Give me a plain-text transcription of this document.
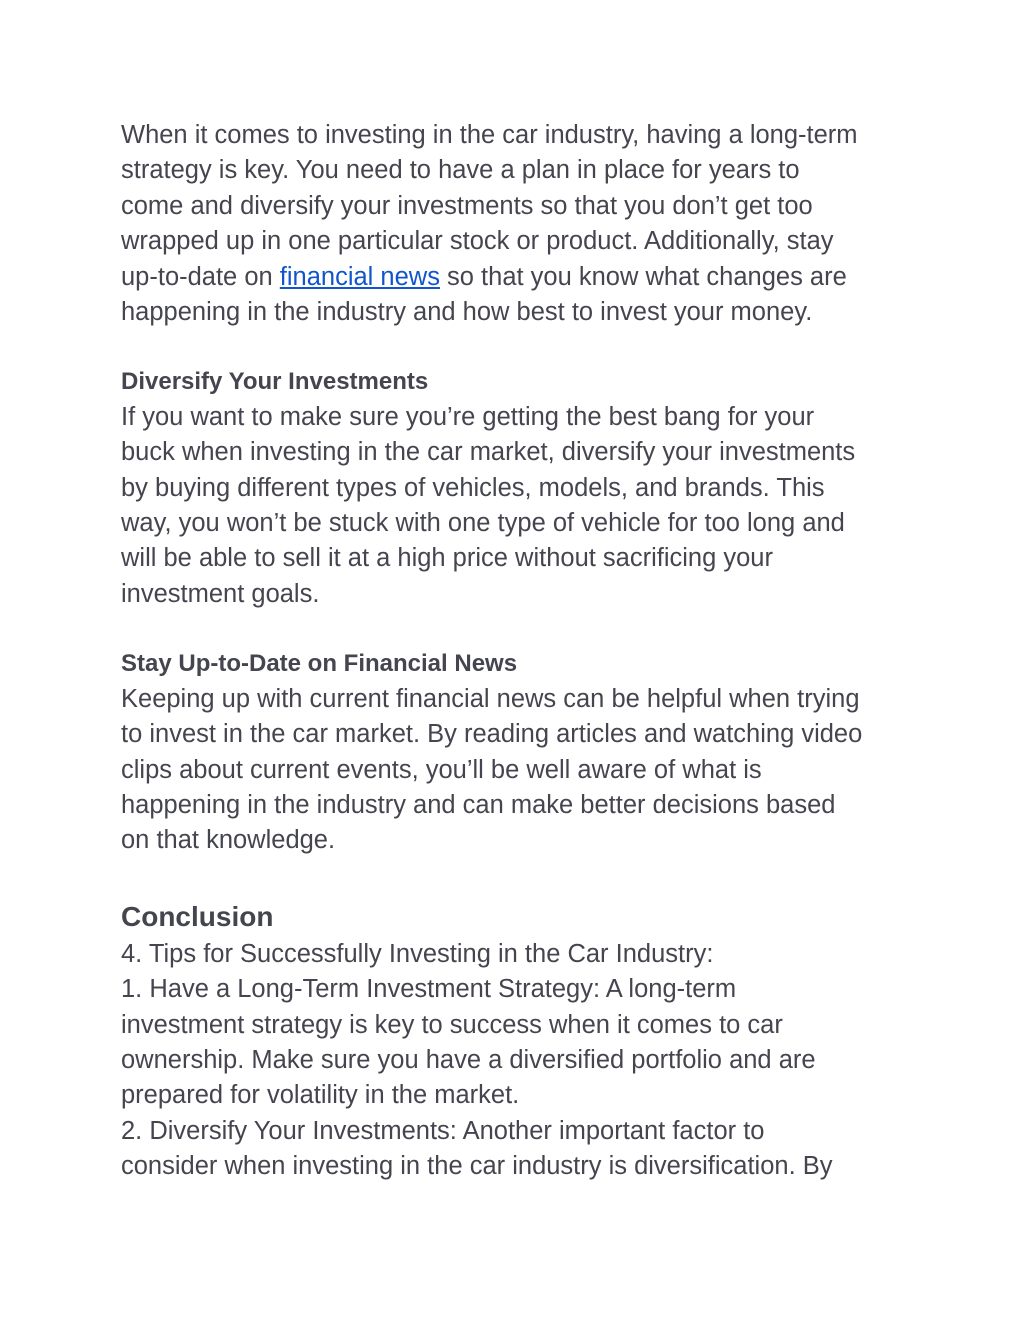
When it comes to investing in the car industry, having a long-term
strategy is key. You need to have a plan in place for years to
come and diversify your investments so that you don’t get too
wrapped up in one particular stock or product. Additionally, stay
up-to-date on financial news so that you know what changes are
happening in the industry and how best to invest your money.
Diversify Your Investments
If you want to make sure you’re getting the best bang for your
buck when investing in the car market, diversify your investments
by buying different types of vehicles, models, and brands. This
way, you won’t be stuck with one type of vehicle for too long and
will be able to sell it at a high price without sacrificing your
investment goals.
Stay Up-to-Date on Financial News
Keeping up with current financial news can be helpful when trying
to invest in the car market. By reading articles and watching video
clips about current events, you’ll be well aware of what is
happening in the industry and can make better decisions based
on that knowledge.
Conclusion
4. Tips for Successfully Investing in the Car Industry:
1. Have a Long-Term Investment Strategy: A long-term
investment strategy is key to success when it comes to car
ownership. Make sure you have a diversified portfolio and are
prepared for volatility in the market.
2. Diversify Your Investments: Another important factor to
consider when investing in the car industry is diversification. By
